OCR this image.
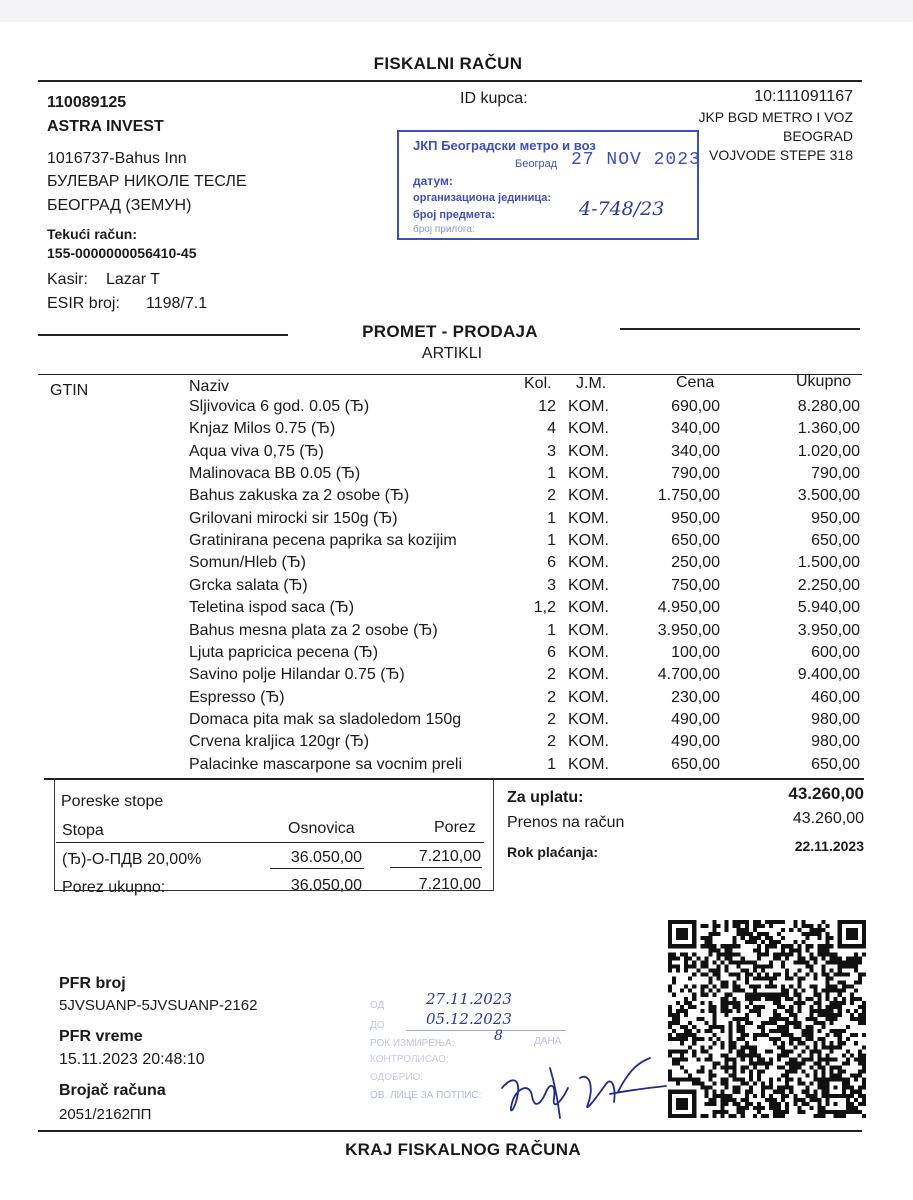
FISKALNI RAČUN
110089125
ASTRA INVEST
1016737-Bahus Inn
БУЛЕВАР НИКОЛЕ ТЕСЛЕ
БЕОГРАД (ЗЕМУН)
Tekući račun:
155-0000000056410-45
Kasir: Lazar T
ESIR broj: 1198/7.1
ID kupca:	10:111091167
JKP BGD METRO I VOZ
BEOGRAD
VOJVODE STEPE 318
ЈКП Београдски метро и воз
Београд 27 NOV 2023
датум:
организациона јединица:
број предмета:	4-748/23
број прилога:
PROMET - PRODAJA
ARTIKLI
GTIN	Naziv	Kol. J.M.	Cena	Ukupno
Sljivovica 6 god. 0.05 (Ђ)	12 KOM.	690,00	8.280,00
Knjaz Milos 0.75 (Ђ)	4 KOM.	340,00	1.360,00
Aqua viva 0,75 (Ђ)	3 KOM.	340,00	1.020,00
Malinovaca BB 0.05 (Ђ)	1 KOM.	790,00	790,00
Bahus zakuska za 2 osobe (Ђ)	2 KOM.	1.750,00	3.500,00
Grilovani mirocki sir 150g (Ђ)	1 KOM.	950,00	950,00
Gratinirana pecena paprika sa kozijim	1 KOM.	650,00	650,00
Somun/Hleb (Ђ)	6 KOM.	250,00	1.500,00
Grcka salata (Ђ)	3 KOM.	750,00	2.250,00
Teletina ispod saca (Ђ)	1,2 KOM.	4.950,00	5.940,00
Bahus mesna plata za 2 osobe (Ђ)	1 KOM.	3.950,00	3.950,00
Ljuta papricica pecena (Ђ)	6 KOM.	100,00	600,00
Savino polje Hilandar 0.75 (Ђ)	2 KOM.	4.700,00	9.400,00
Espresso (Ђ)	2 KOM.	230,00	460,00
Domaca pita mak sa sladoledom 150g	2 KOM.	490,00	980,00
Crvena kraljica 120gr (Ђ)	2 KOM.	490,00	980,00
Palacinke mascarpone sa vocnim preli	1 KOM.	650,00	650,00
Poreske stope
Stopa	Osnovica	Porez
(Ђ)-О-ПДВ 20,00%	36.050,00	7.210,00
Porez ukupno:	36.050,00	7.210,00
Za uplatu:	43.260,00
Prenos na račun	43.260,00
Rok plaćanja:	22.11.2023
PFR broj
5JVSUANP-5JVSUANP-2162
PFR vreme
15.11.2023 20:48:10
Brojač računa
2051/2162ПП
ОД	27.11.2023
ДО	05.12.2023
РОК ИЗМИРЕЊА:	8	ДАНА
КОНТРОЛИСАО:
ОДОБРИО:
ОВ. ЛИЦЕ ЗА ПОТПИС:
KRAJ FISKALNOG RAČUNA
